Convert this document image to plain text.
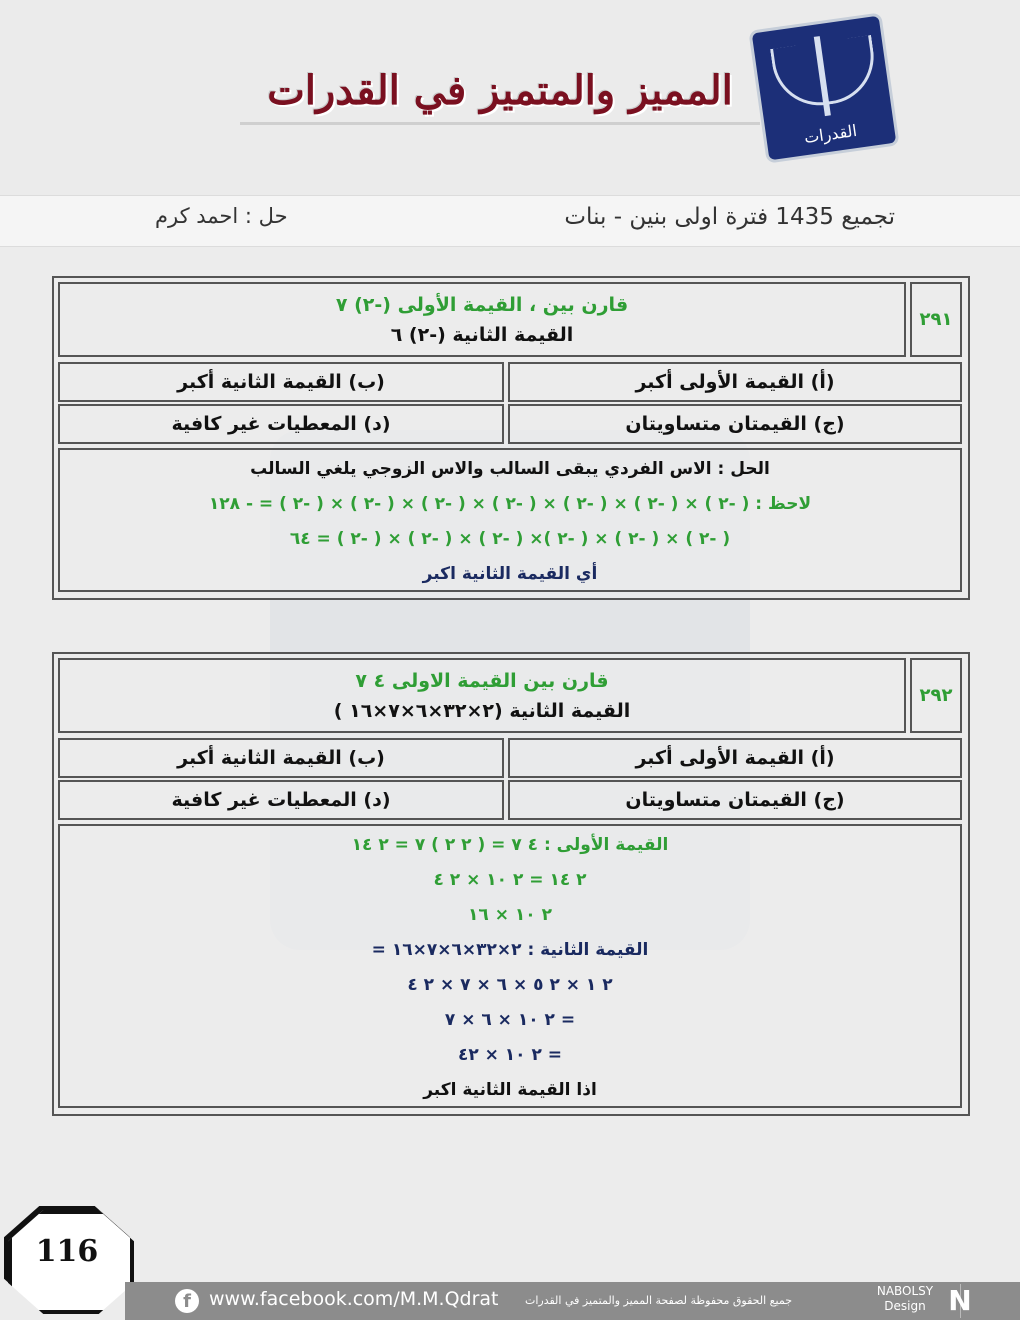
المميز والمتميز في القدرات
القدرات
تجميع 1435 فترة اولى بنين - بنات
حل : احمد كرم
٢٩١
قارن بين ، القيمة الأولى (-٢) ٧
القيمة الثانية (-٢) ٦
(أ) القيمة الأولى أكبر
(ب) القيمة الثانية أكبر
(ج) القيمتان متساويتان
(د) المعطيات غير كافية
الحل : الاس الفردي يبقى السالب والاس الزوجي يلغي السالب
لاحظ : ( -٢ ) × ( -٢ ) × ( -٢ ) × ( -٢ ) × ( -٢ ) × ( -٢ ) × ( -٢ ) = - ١٢٨
( -٢ ) × ( -٢ ) × ( -٢ )× ( -٢ ) × ( -٢ ) × ( -٢ ) = ٦٤
أي القيمة الثانية اكبر
٢٩٢
قارن بين القيمة الاولى ٤ ٧
القيمة الثانية (٢×٣٢×٦×٧×١٦ )
(أ) القيمة الأولى أكبر
(ب) القيمة الثانية أكبر
(ج) القيمتان متساويتان
(د) المعطيات غير كافية
القيمة الأولى : ٤ ٧ = ( ٢ ٢ ) ٧ = ٢ ١٤
٢ ١٤ = ٢ ١٠ × ٢ ٤
٢ ١٠ × ١٦
القيمة الثانية : ٢×٣٢×٦×٧×١٦ =
٢ ١ × ٢ ٥ × ٦ × ٧ × ٢ ٤
= ٢ ١٠ × ٦ × ٧
= ٢ ١٠ × ٤٢
اذا القيمة الثانية اكبر
116
f www.facebook.com/M.M.Qdrat جميع الحقوق محفوظة لصفحة المميز والمتميز في القدرات
NABOLSY
Design N
